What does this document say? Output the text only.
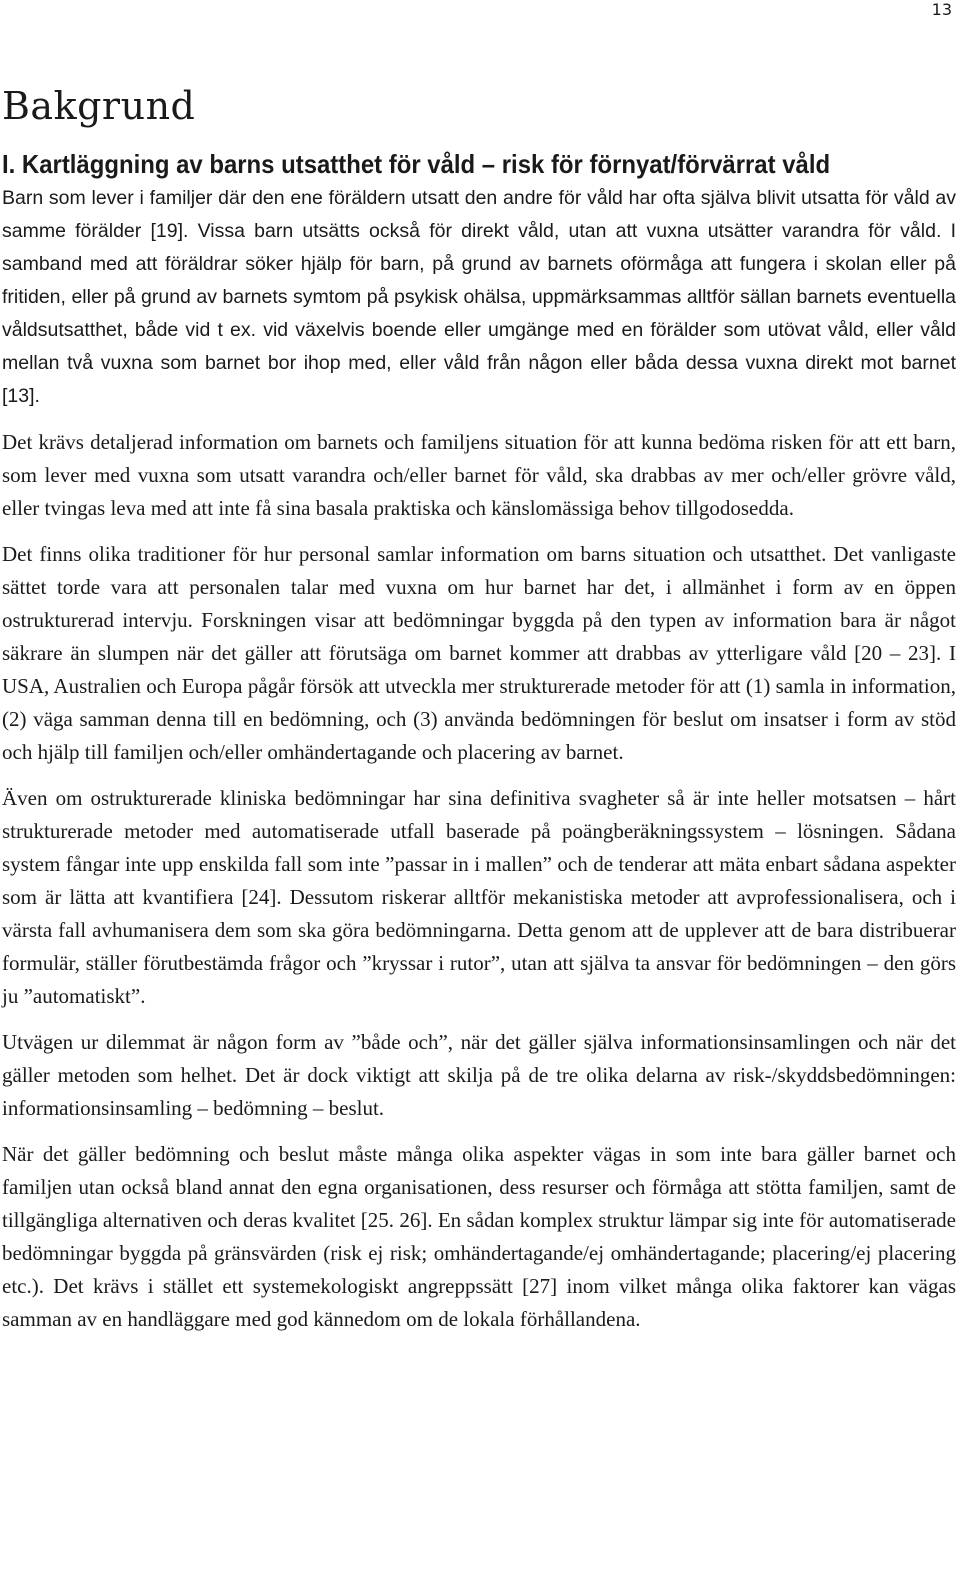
13
Bakgrund
I. Kartläggning av barns utsatthet för våld – risk för förnyat/förvärrat våld

Barn som lever i familjer där den ene föräldern utsatt den andre för våld har ofta själva blivit utsatta för våld av samme förälder [19]. Vissa barn utsätts också för direkt våld, utan att vuxna utsätter varandra för våld. I samband med att föräldrar söker hjälp för barn, på grund av barnets oförmåga att fungera i skolan eller på fritiden, eller på grund av barnets symtom på psykisk ohälsa, uppmärksammas alltför sällan barnets eventuella våldsutsatthet, både vid t ex. vid växelvis boende eller umgänge med en förälder som utövat våld, eller våld mellan två vuxna som barnet bor ihop med, eller våld från någon eller båda dessa vuxna direkt mot barnet [13].

Det krävs detaljerad information om barnets och familjens situation för att kunna bedöma risken för att ett barn, som lever med vuxna som utsatt varandra och/eller barnet för våld, ska drabbas av mer och/eller grövre våld, eller tvingas leva med att inte få sina basala praktiska och känslomässiga behov tillgodosedda.

Det finns olika traditioner för hur personal samlar information om barns situation och utsatthet. Det vanligaste sättet torde vara att personalen talar med vuxna om hur barnet har det, i allmänhet i form av en öppen ostrukturerad intervju. Forskningen visar att bedömningar byggda på den typen av information bara är något säkrare än slumpen när det gäller att förutsäga om barnet kommer att drabbas av ytterligare våld [20 – 23]. I USA, Australien och Europa pågår försök att utveckla mer strukturerade metoder för att (1) samla in information, (2) väga samman denna till en bedömning, och (3) använda bedömningen för beslut om insatser i form av stöd och hjälp till familjen och/eller omhändertagande och placering av barnet.

Även om ostrukturerade kliniska bedömningar har sina definitiva svagheter så är inte heller motsatsen – hårt strukturerade metoder med automatiserade utfall baserade på poängberäkningssystem – lösningen. Sådana system fångar inte upp enskilda fall som inte ”passar in i mallen” och de tenderar att mäta enbart sådana aspekter som är lätta att kvantifiera [24]. Dessutom riskerar alltför mekanistiska metoder att avprofessionalisera, och i värsta fall avhumanisera dem som ska göra bedömningarna. Detta genom att de upplever att de bara distribuerar formulär, ställer förutbestämda frågor och ”kryssar i rutor”, utan att själva ta ansvar för bedömningen – den görs ju ”automatiskt”.

Utvägen ur dilemmat är någon form av ”både och”, när det gäller själva informationsinsamlingen och när det gäller metoden som helhet. Det är dock viktigt att skilja på de tre olika delarna av risk-/skyddsbedömningen: informationsinsamling – bedömning – beslut.

När det gäller bedömning och beslut måste många olika aspekter vägas in som inte bara gäller barnet och familjen utan också bland annat den egna organisationen, dess resurser och förmåga att stötta familjen, samt de tillgängliga alternativen och deras kvalitet [25. 26]. En sådan komplex struktur lämpar sig inte för automatiserade bedömningar byggda på gränsvärden (risk ej risk; omhändertagande/ej omhändertagande; placering/ej placering etc.). Det krävs i stället ett systemekologiskt angreppssätt [27] inom vilket många olika faktorer kan vägas samman av en handläggare med god kännedom om de lokala förhållandena.
